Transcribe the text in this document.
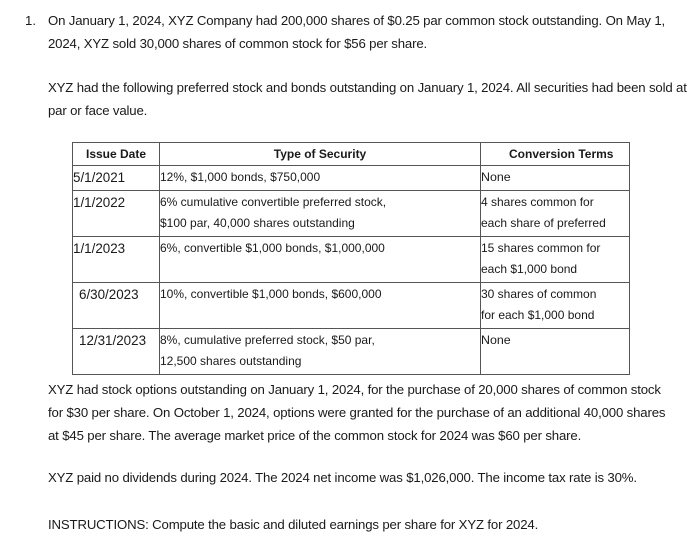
1. On January 1, 2024, XYZ Company had 200,000 shares of $0.25 par common stock outstanding. On May 1, 2024, XYZ sold 30,000 shares of common stock for $56 per share.

XYZ had the following preferred stock and bonds outstanding on January 1, 2024. All securities had been sold at par or face value.

Issue Date	Type of Security	Conversion Terms
5/1/2021	12%, $1,000 bonds, $750,000	None

1/1/2022	6% cumulative convertible preferred stock,
$100 par, 40,000 shares outstanding	4 shares common for
each share of preferred

1/1/2023	6%, convertible $1,000 bonds, $1,000,000	15 shares common for
each $1,000 bond

6/30/2023	10%, convertible $1,000 bonds, $600,000	30 shares of common
for each $1,000 bond

12/31/2023	8%, cumulative preferred stock, $50 par,
12,500 shares outstanding	None

XYZ had stock options outstanding on January 1, 2024, for the purchase of 20,000 shares of common stock for $30 per share. On October 1, 2024, options were granted for the purchase of an additional 40,000 shares at $45 per share. The average market price of the common stock for 2024 was $60 per share.

XYZ paid no dividends during 2024. The 2024 net income was $1,026,000. The income tax rate is 30%.

INSTRUCTIONS: Compute the basic and diluted earnings per share for XYZ for 2024.
